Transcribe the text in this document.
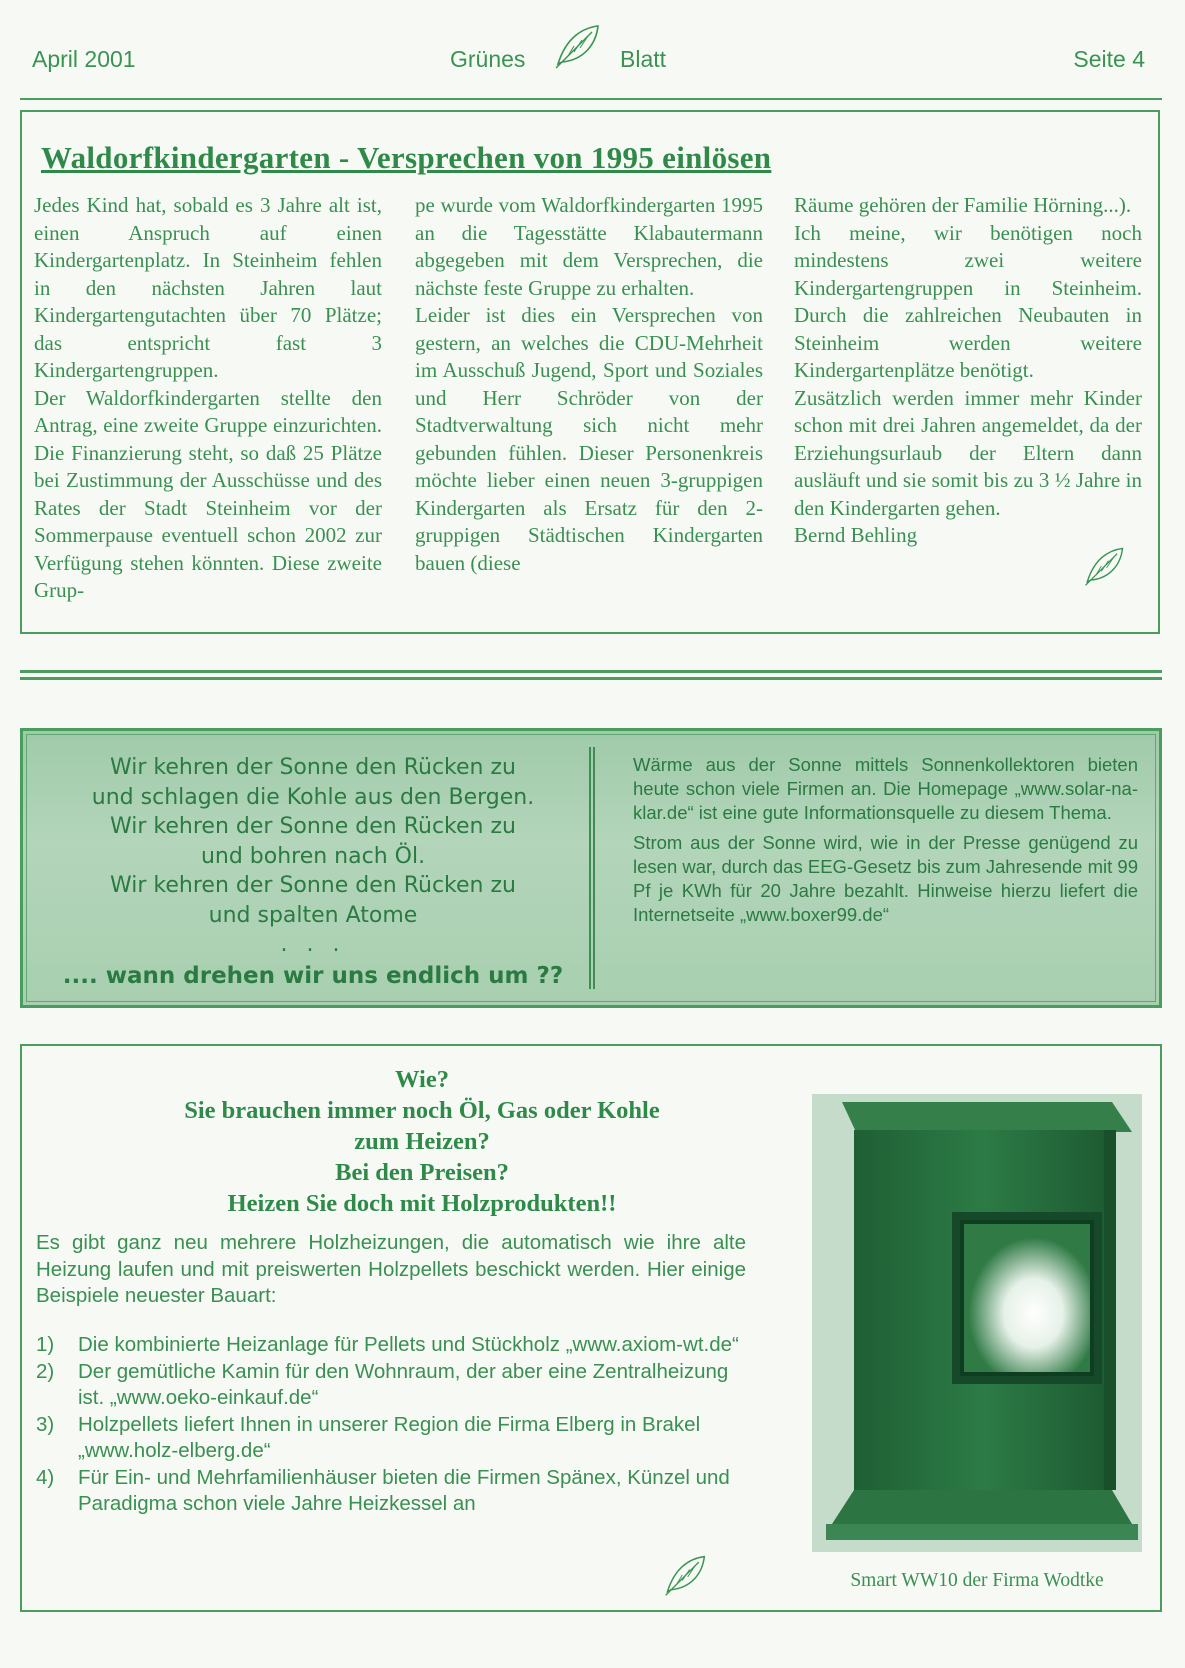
April 2001	Grünes	Blatt	Seite 4
Waldorfkindergarten - Versprechen von 1995 einlösen

Jedes Kind hat, sobald es 3 Jahre alt ist, einen Anspruch auf einen Kindergartenplatz. In Steinheim fehlen in den nächsten Jahren laut Kindergartengutachten über 70 Plätze; das entspricht fast 3 Kindergartengruppen.

Der Waldorfkindergarten stellte den Antrag, eine zweite Gruppe einzurichten. Die Finanzierung steht, so daß 25 Plätze bei Zustimmung der Ausschüsse und des Rates der Stadt Steinheim vor der Sommerpause eventuell schon 2002 zur Verfügung stehen könnten. Diese zweite Grup-

pe wurde vom Waldorfkindergarten 1995 an die Tagesstätte Klabautermann abgegeben mit dem Versprechen, die nächste feste Gruppe zu erhalten.

Leider ist dies ein Versprechen von gestern, an welches die CDU-Mehrheit im Ausschuß Jugend, Sport und Soziales und Herr Schröder von der Stadtverwaltung sich nicht mehr gebunden fühlen. Dieser Personenkreis möchte lieber einen neuen 3-gruppigen Kindergarten als Ersatz für den 2-gruppigen Städtischen Kindergarten bauen (diese

Räume gehören der Familie Hörning...).

Ich meine, wir benötigen noch mindestens zwei weitere Kindergartengruppen in Steinheim. Durch die zahlreichen Neubauten in Steinheim werden weitere Kindergartenplätze benötigt.

Zusätzlich werden immer mehr Kinder schon mit drei Jahren angemeldet, da der Erziehungsurlaub der Eltern dann ausläuft und sie somit bis zu 3 ½ Jahre in den Kindergarten gehen.

Bernd Behling

Wir kehren der Sonne den Rücken zu
und schlagen die Kohle aus den Bergen.
Wir kehren der Sonne den Rücken zu
und bohren nach Öl.
Wir kehren der Sonne den Rücken zu
und spalten Atome
. . .
.... wann drehen wir uns endlich um ??

Wärme aus der Sonne mittels Sonnenkollektoren bieten heute schon viele Firmen an. Die Homepage „www.solar-na-klar.de“ ist eine gute Informationsquelle zu diesem Thema.

Strom aus der Sonne wird, wie in der Presse genügend zu lesen war, durch das EEG-Gesetz bis zum Jahresende mit 99 Pf je KWh für 20 Jahre bezahlt. Hinweise hierzu liefert die Internetseite „www.boxer99.de“

Wie?
Sie brauchen immer noch Öl, Gas oder Kohle
zum Heizen?
Bei den Preisen?
Heizen Sie doch mit Holzprodukten!!

Es gibt ganz neu mehrere Holzheizungen, die automatisch wie ihre alte Heizung laufen und mit preiswerten Holzpellets beschickt werden. Hier einige Beispiele neuester Bauart:

1) Die kombinierte Heizanlage für Pellets und Stückholz „www.axiom-wt.de“
2) Der gemütliche Kamin für den Wohnraum, der aber eine Zentralheizung ist. „www.oeko-einkauf.de“
3) Holzpellets liefert Ihnen in unserer Region die Firma Elberg in Brakel „www.holz-elberg.de“
4) Für Ein- und Mehrfamilienhäuser bieten die Firmen Spänex, Künzel und Paradigma schon viele Jahre Heizkessel an
Smart WW10 der Firma Wodtke
